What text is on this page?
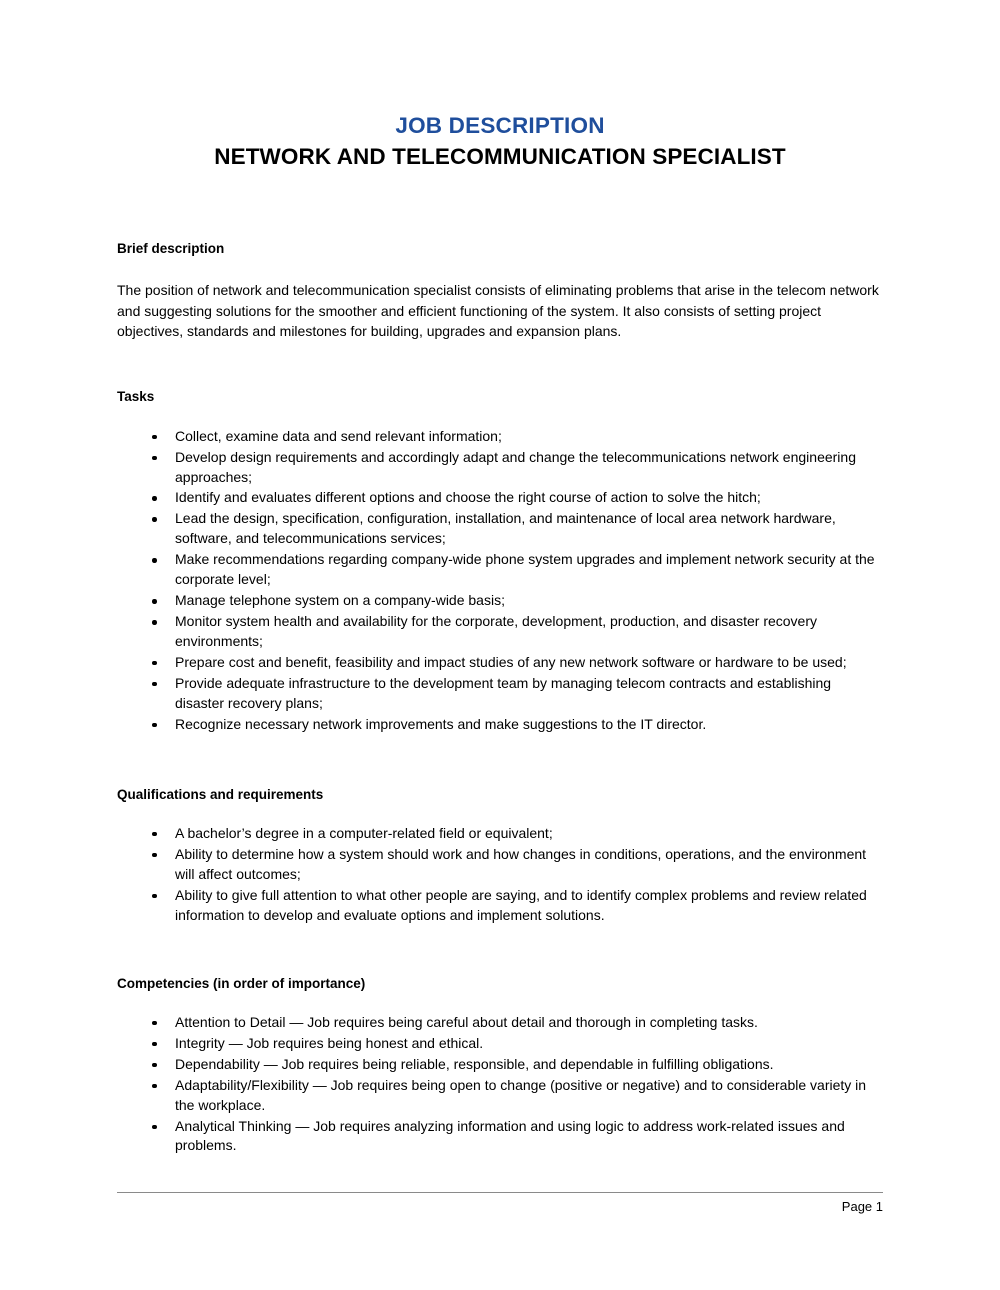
JOB DESCRIPTION
NETWORK AND TELECOMMUNICATION SPECIALIST
Brief description

The position of network and telecommunication specialist consists of eliminating problems that arise in the telecom network and suggesting solutions for the smoother and efficient functioning of the system. It also consists of setting project objectives, standards and milestones for building, upgrades and expansion plans.

Tasks
Collect, examine data and send relevant information;
Develop design requirements and accordingly adapt and change the telecommunications network engineering approaches;
Identify and evaluates different options and choose the right course of action to solve the hitch;
Lead the design, specification, configuration, installation, and maintenance of local area network hardware, software, and telecommunications services;
Make recommendations regarding company-wide phone system upgrades and implement network security at the corporate level;
Manage telephone system on a company-wide basis;
Monitor system health and availability for the corporate, development, production, and disaster recovery environments;
Prepare cost and benefit, feasibility and impact studies of any new network software or hardware to be used;
Provide adequate infrastructure to the development team by managing telecom contracts and establishing disaster recovery plans;
Recognize necessary network improvements and make suggestions to the IT director.
Qualifications and requirements
A bachelor’s degree in a computer-related field or equivalent;
Ability to determine how a system should work and how changes in conditions, operations, and the environment will affect outcomes;
Ability to give full attention to what other people are saying, and to identify complex problems and review related information to develop and evaluate options and implement solutions.
Competencies (in order of importance)
Attention to Detail — Job requires being careful about detail and thorough in completing tasks.
Integrity — Job requires being honest and ethical.
Dependability — Job requires being reliable, responsible, and dependable in fulfilling obligations.
Adaptability/Flexibility — Job requires being open to change (positive or negative) and to considerable variety in the workplace.
Analytical Thinking — Job requires analyzing information and using logic to address work-related issues and problems.
Page 1
